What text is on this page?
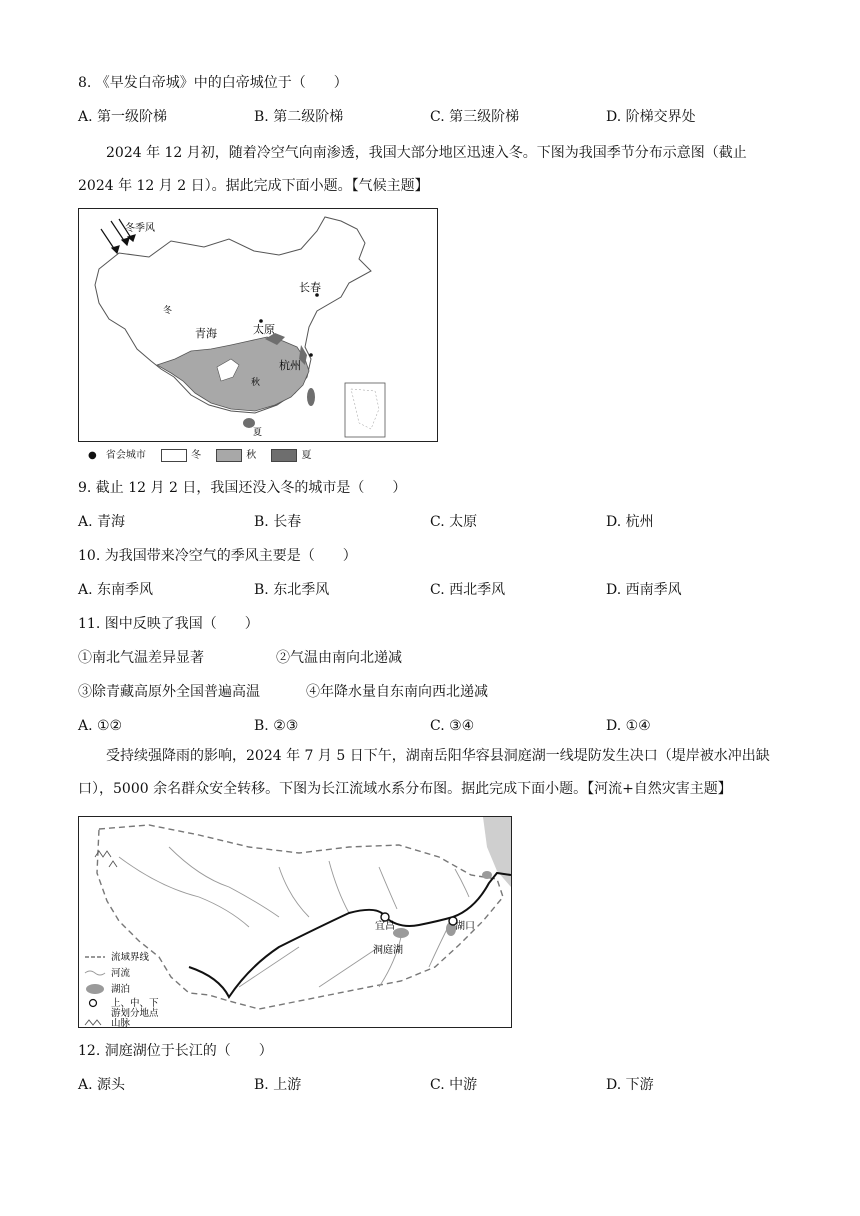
8. 《早发白帝城》中的白帝城位于（　　）
A. 第一级阶梯	B. 第二级阶梯	C. 第三级阶梯	D. 阶梯交界处
2024 年 12 月初，随着冷空气向南渗透，我国大部分地区迅速入冬。下图为我国季节分布示意图（截止 2024 年 12 月 2 日）。据此完成下面小题。【气候主题】
冬季风
冬
青海	太原
长春
杭州
秋
夏
● 省会城市	冬	秋	夏
9. 截止 12 月 2 日，我国还没入冬的城市是（　　）
A. 青海	B. 长春	C. 太原	D. 杭州
10. 为我国带来冷空气的季风主要是（　　）
A. 东南季风	B. 东北季风	C. 西北季风	D. 西南季风
11. 图中反映了我国（　　）
①南北气温差异显著	②气温由南向北递减
③除青藏高原外全国普遍高温	④年降水量自东南向西北递减
A. ①②	B. ②③	C. ③④	D. ①④
受持续强降雨的影响，2024 年 7 月 5 日下午，湖南岳阳华容县洞庭湖一线堤防发生决口（堤岸被水冲出缺口），5000 余名群众安全转移。下图为长江流域水系分布图。据此完成下面小题。【河流+自然灾害主题】
宜昌	湖口
洞庭湖
流域界线
河流
湖泊
上、中、下
游划分地点
山脉
12. 洞庭湖位于长江的（　　）
A. 源头	B. 上游	C. 中游	D. 下游
